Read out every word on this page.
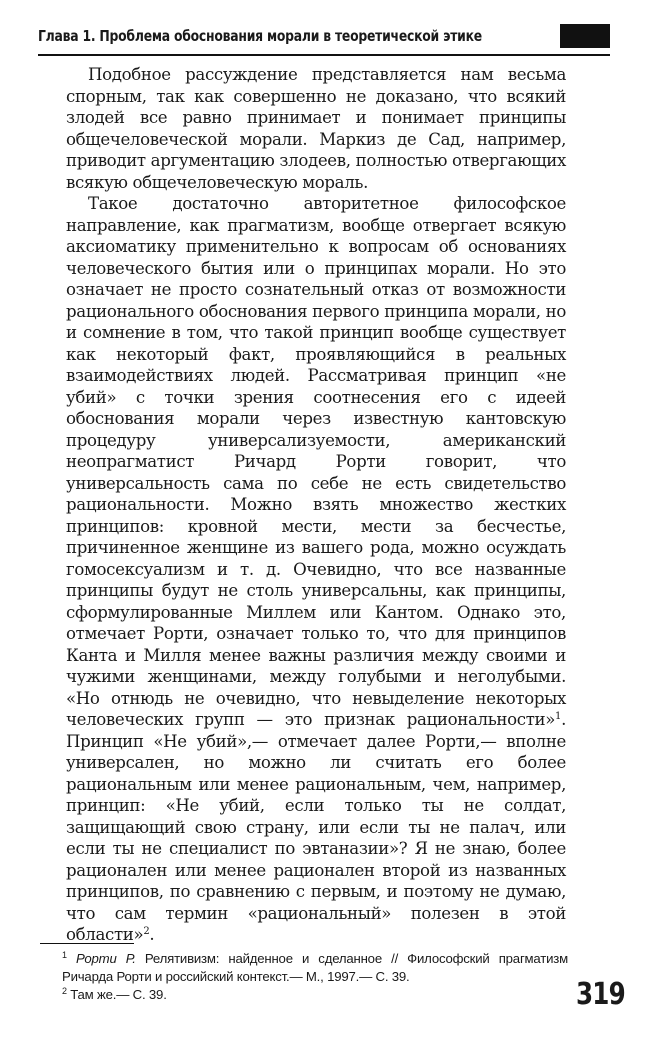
Глава 1. Проблема обоснования морали в теоретической этике

Подобное рассуждение представляется нам весьма спорным, так как совершенно не доказано, что всякий злодей все равно принимает и понимает принципы общечеловеческой морали. Маркиз де Сад, например, приводит аргументацию злодеев, полностью отвергающих всякую общечеловеческую мораль.

Такое достаточно авторитетное философское направление, как прагматизм, вообще отвергает всякую аксиоматику применительно к вопросам об основаниях человеческого бытия или о принципах морали. Но это означает не просто сознательный отказ от возможности рационального обоснования первого принципа морали, но и сомнение в том, что такой принцип вообще существует как некоторый факт, проявляющийся в реальных взаимодействиях людей. Рассматривая принцип «не убий» с точки зрения соотнесения его с идеей обоснования морали через известную кантовскую процедуру универсализуемости, американский неопрагматист Ричард Рорти говорит, что универсальность сама по себе не есть свидетельство рациональности. Можно взять множество жестких принципов: кровной мести, мести за бесчестье, причиненное женщине из вашего рода, можно осуждать гомосексуализм и т. д. Очевидно, что все названные принципы будут не столь универсальны, как принципы, сформулированные Миллем или Кантом. Однако это, отмечает Рорти, означает только то, что для принципов Канта и Милля менее важны различия между своими и чужими женщинами, между голубыми и неголубыми. «Но отнюдь не очевидно, что невыделение некоторых человеческих групп — это признак рациональности»$^1$. Принцип «Не убий»,— отмечает далее Рорти,— вполне универсален, но можно ли считать его более рациональным или менее рациональным, чем, например, принцип: «Не убий, если только ты не солдат, защищающий свою страну, или если ты не палач, или если ты не специалист по эвтаназии»? Я не знаю, более рационален или менее рационален второй из названных принципов, по сравнению с первым, и поэтому не думаю, что сам термин «рациональный» полезен в этой области»$^2$.

$^1$ Рорти Р. Релятивизм: найденное и сделанное // Философский прагматизм Ричарда Рорти и российский контекст.— М., 1997.— С. 39.

$^2$ Там же.— С. 39.	319
